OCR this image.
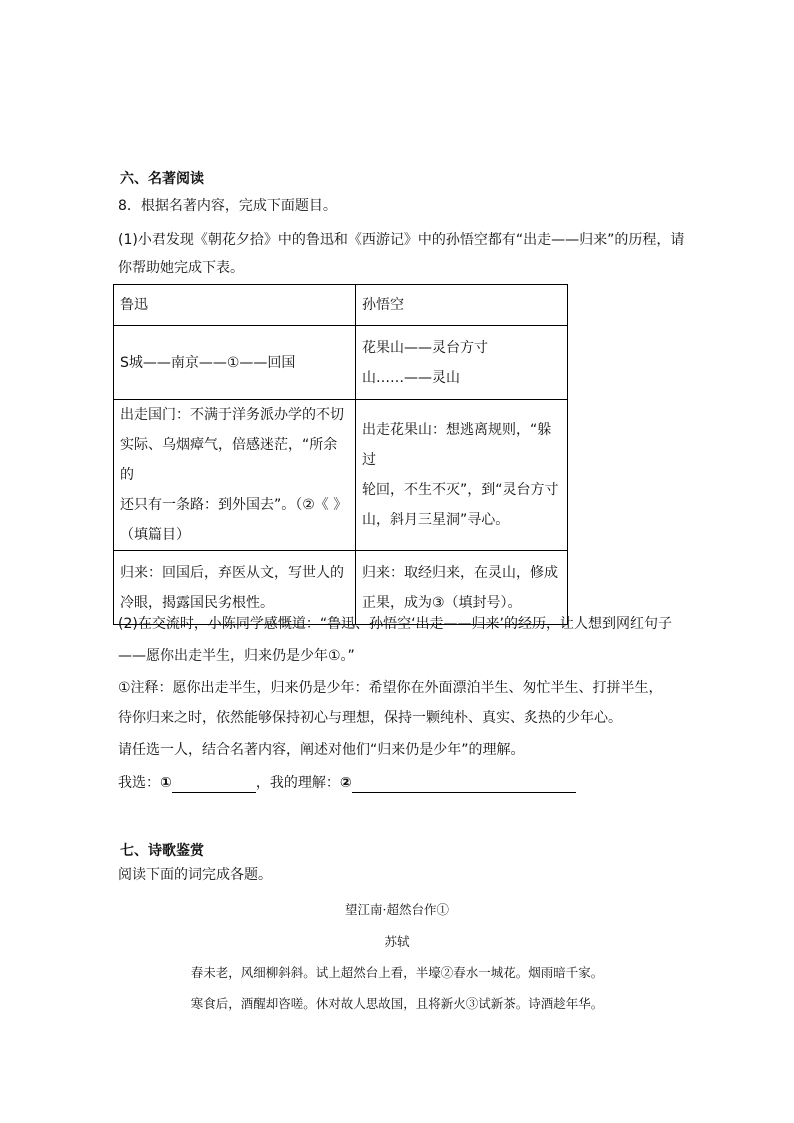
六、名著阅读
8．根据名著内容，完成下面题目。
(1)小君发现《朝花夕拾》中的鲁迅和《西游记》中的孙悟空都有“出走——归来”的历程，请
你帮助她完成下表。
鲁迅	孙悟空
S城——南京——①——回国	花果山——灵台方寸
山……——灵山
出走国门：不满于洋务派办学的不切
实际、乌烟瘴气，倍感迷茫，“所余的
还只有一条路：到外国去”。（②《 》
（填篇目）	出走花果山：想逃离规则，“躲过
轮回，不生不灭”，到“灵台方寸
山，斜月三星洞”寻心。
归来：回国后，弃医从文，写世人的
冷眼，揭露国民劣根性。	归来：取经归来，在灵山，修成
正果，成为③（填封号）。
(2)在交流时，小陈同学感慨道：“鲁迅、孙悟空‘出走——归来’的经历，让人想到网红句子
——愿你出走半生，归来仍是少年①。”
①注释：愿你出走半生，归来仍是少年：希望你在外面漂泊半生、匆忙半生、打拼半生，
待你归来之时，依然能够保持初心与理想，保持一颗纯朴、真实、炙热的少年心。
请任选一人，结合名著内容，阐述对他们“归来仍是少年”的理解。
我选：①	，我的理解：②
七、诗歌鉴赏
阅读下面的词完成各题。
望江南·超然台作①
苏轼
春未老，风细柳斜斜。试上超然台上看，半壕②春水一城花。烟雨暗千家。
寒食后，酒醒却咨嗟。休对故人思故国，且将新火③试新茶。诗酒趁年华。
